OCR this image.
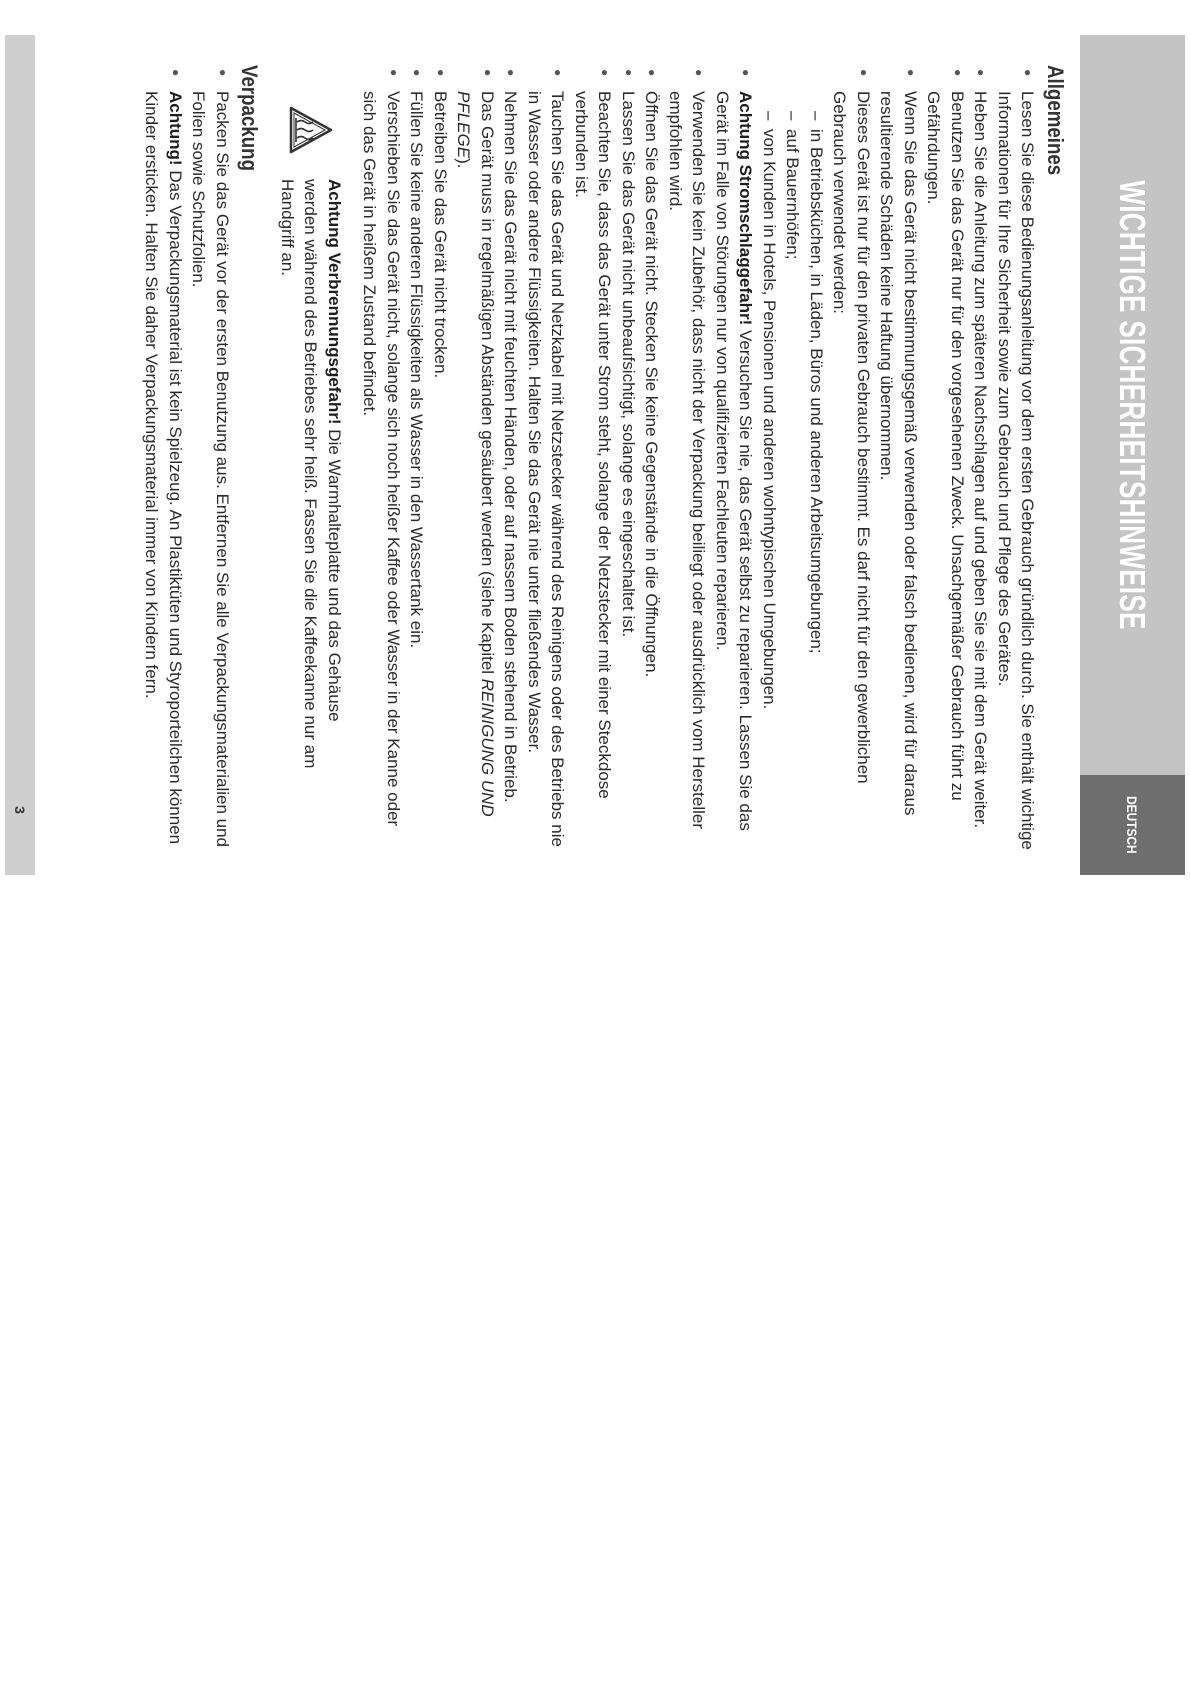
WICHTIGE SICHERHEITSHINWEISE
DEUTSCH
Allgemeines
● Lesen Sie diese Bedienungsanleitung vor dem ersten Gebrauch gründlich durch. Sie enthält wichtige Informationen für Ihre Sicherheit sowie zum Gebrauch und Pflege des Gerätes.
● Heben Sie die Anleitung zum späteren Nachschlagen auf und geben Sie sie mit dem Gerät weiter.
● Benutzen Sie das Gerät nur für den vorgesehenen Zweck. Unsachgemäßer Gebrauch führt zu Gefährdungen.
● Wenn Sie das Gerät nicht bestimmungsgemäß verwenden oder falsch bedienen, wird für daraus resultierende Schäden keine Haftung übernommen.
● Dieses Gerät ist nur für den privaten Gebrauch bestimmt. Es darf nicht für den gewerblichen Gebrauch verwendet werden:
– in Betriebsküchen, in Läden, Büros und anderen Arbeitsumgebungen;
– auf Bauernhöfen;
– von Kunden in Hotels, Pensionen und anderen wohntypischen Umgebungen.
● Achtung Stromschlaggefahr! Versuchen Sie nie, das Gerät selbst zu reparieren. Lassen Sie das Gerät im Falle von Störungen nur von qualifizierten Fachleuten reparieren.
● Verwenden Sie kein Zubehör, dass nicht der Verpackung beiliegt oder ausdrücklich vom Hersteller empfohlen wird.
● Öffnen Sie das Gerät nicht. Stecken Sie keine Gegenstände in die Öffnungen.
● Lassen Sie das Gerät nicht unbeaufsichtigt, solange es eingeschaltet ist.
● Beachten Sie, dass das Gerät unter Strom steht, solange der Netzstecker mit einer Steckdose verbunden ist.
● Tauchen Sie das Gerät und Netzkabel mit Netzstecker während des Reinigens oder des Betriebs nie in Wasser oder andere Flüssigkeiten. Halten Sie das Gerät nie unter fließendes Wasser.
● Nehmen Sie das Gerät nicht mit feuchten Händen, oder auf nassem Boden stehend in Betrieb.
● Das Gerät muss in regelmäßigen Abständen gesäubert werden (siehe Kapitel REINIGUNG UND PFLEGE).
● Betreiben Sie das Gerät nicht trocken.
● Füllen Sie keine anderen Flüssigkeiten als Wasser in den Wassertank ein.
● Verschieben Sie das Gerät nicht, solange sich noch heißer Kaffee oder Wasser in der Kanne oder sich das Gerät in heißem Zustand befindet.
Achtung Verbrennungsgefahr! Die Warmhalteplatte und das Gehäuse werden während des Betriebes sehr heiß. Fassen Sie die Kaffeekanne nur am Handgriff an.
Verpackung
● Packen Sie das Gerät vor der ersten Benutzung aus. Entfernen Sie alle Verpackungsmaterialien und Folien sowie Schutzfolien.
● Achtung! Das Verpackungsmaterial ist kein Spielzeug. An Plastiktüten und Styroporteilchen können Kinder ersticken. Halten Sie daher Verpackungsmaterial immer von Kindern fern.
3
